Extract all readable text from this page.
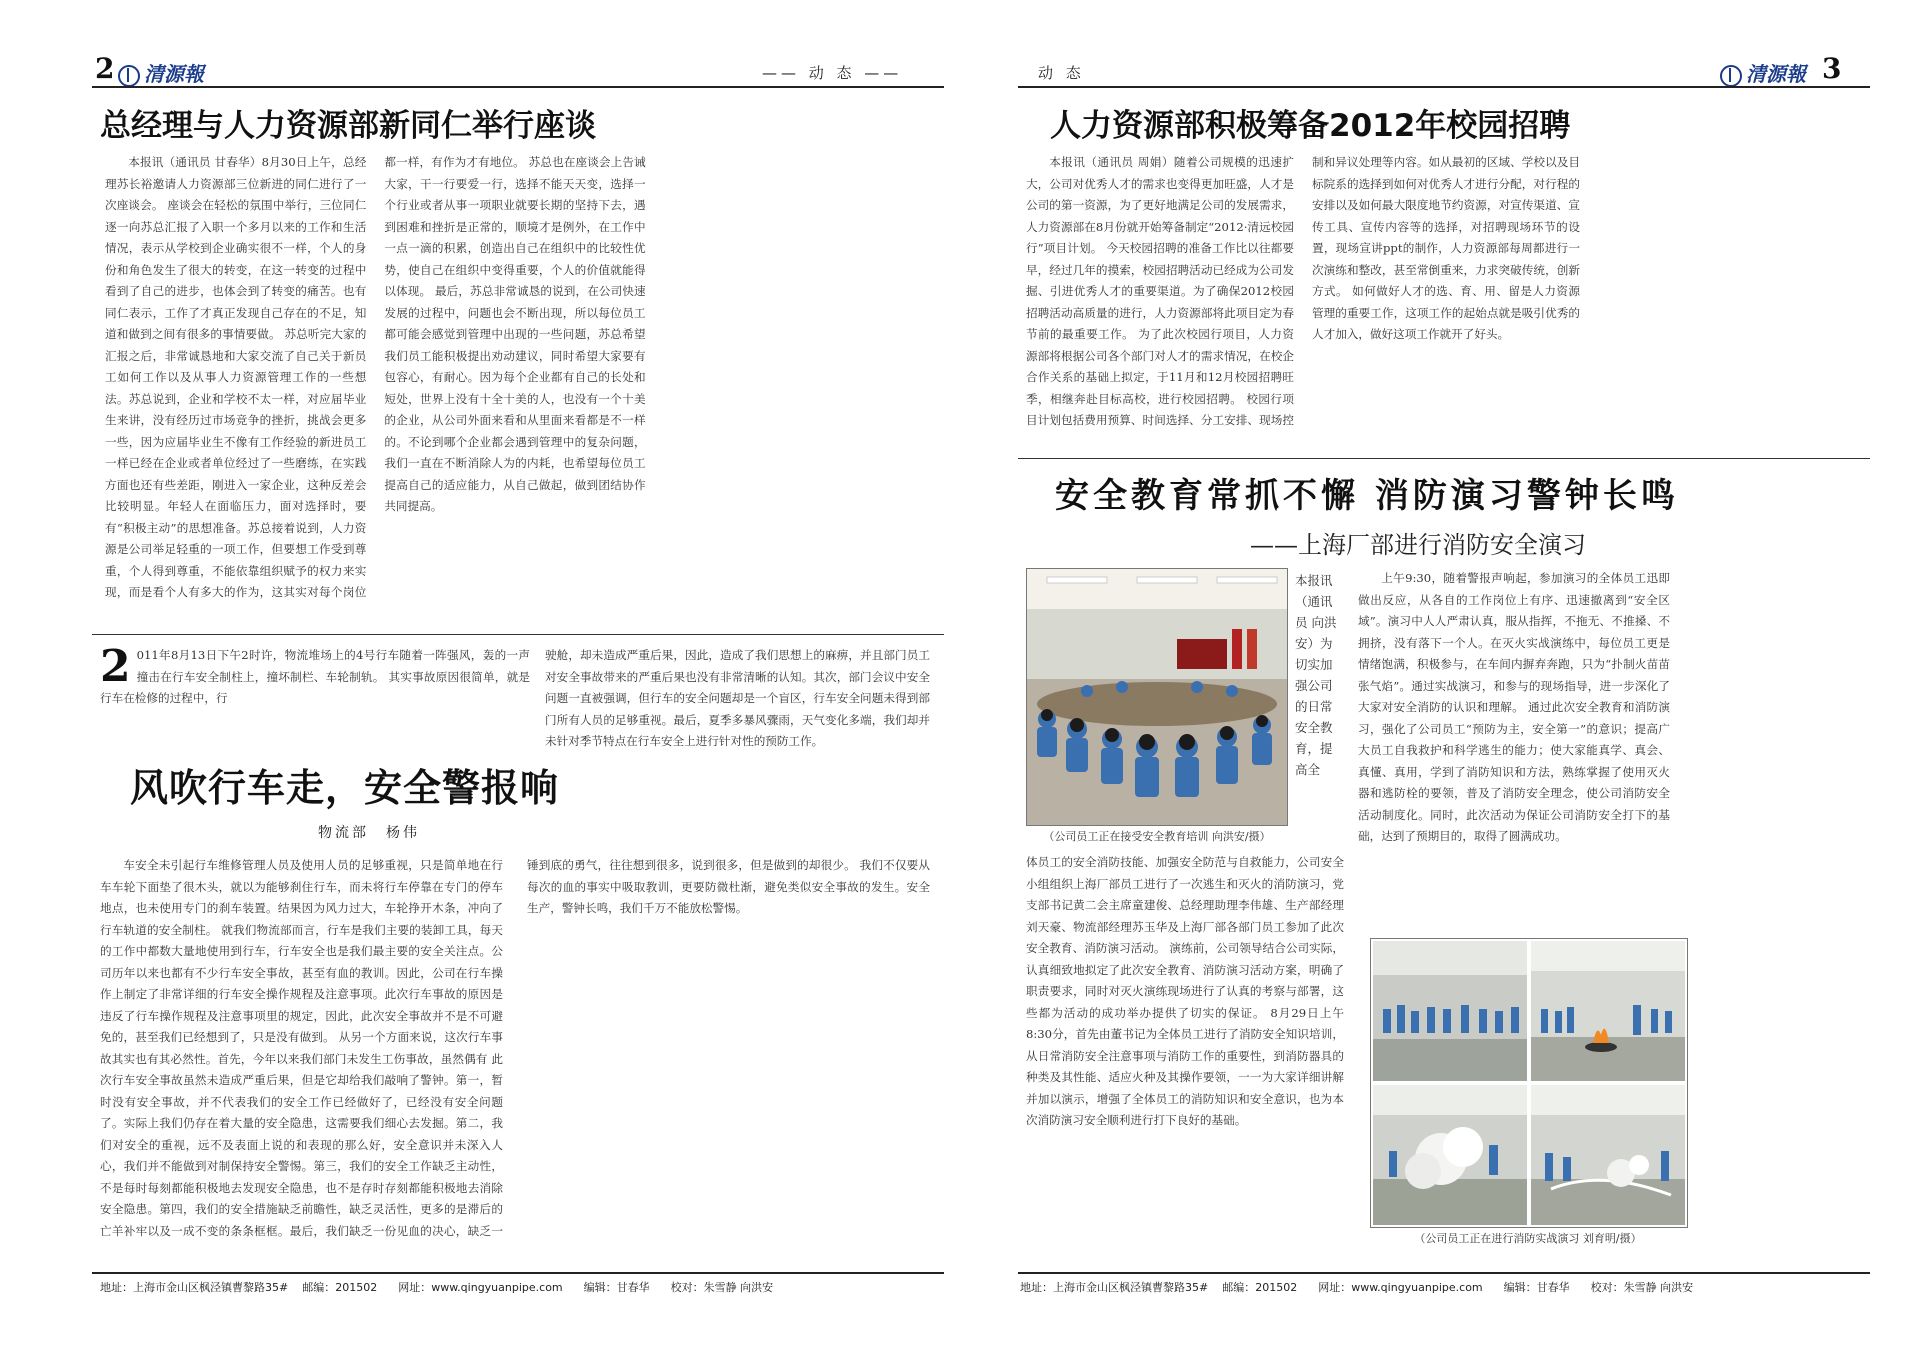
2	清源報	—— 动 态 ——
总经理与人力资源部新同仁举行座谈

本报讯（通讯员 甘春华）8月30日上午，总经理苏长裕邀请人力资源部三位新进的同仁进行了一次座谈会。 座谈会在轻松的氛围中举行，三位同仁逐一向苏总汇报了入职一个多月以来的工作和生活情况，表示从学校到企业确实很不一样，个人的身份和角色发生了很大的转变，在这一转变的过程中看到了自己的进步，也体会到了转变的痛苦。也有同仁表示，工作了才真正发现自己存在的不足，知道和做到之间有很多的事情要做。 苏总听完大家的汇报之后，非常诚恳地和大家交流了自己关于新员工如何工作以及从事人力资源管理工作的一些想法。苏总说到，企业和学校不太一样，对应届毕业生来讲，没有经历过市场竞争的挫折，挑战会更多一些，因为应届毕业生不像有工作经验的新进员工一样已经在企业或者单位经过了一些磨练，在实践方面也还有些差距，刚进入一家企业，这种反差会比较明显。年轻人在面临压力，面对选择时，要有“积极主动”的思想准备。苏总接着说到，人力资源是公司举足轻重的一项工作，但要想工作受到尊重，个人得到尊重，不能依靠组织赋予的权力来实现，而是看个人有多大的作为，这其实对每个岗位都一样，有作为才有地位。 苏总也在座谈会上告诫大家，干一行要爱一行，选择不能天天变，选择一个行业或者从事一项职业就要长期的坚持下去，遇到困难和挫折是正常的，顺境才是例外，在工作中一点一滴的积累，创造出自己在组织中的比较性优势，使自己在组织中变得重要，个人的价值就能得以体现。 最后，苏总非常诚恳的说到，在公司快速发展的过程中，问题也会不断出现，所以每位员工都可能会感觉到管理中出现的一些问题，苏总希望我们员工能积极提出劝动建议，同时希望大家要有包容心，有耐心。因为每个企业都有自己的长处和短处，世界上没有十全十美的人，也没有一个十美的企业，从公司外面来看和从里面来看都是不一样的。不论到哪个企业都会遇到管理中的复杂问题，我们一直在不断消除人为的内耗，也希望每位员工提高自己的适应能力，从自己做起，做到团结协作共同提高。

2 011年8月13日下午2时许，物流堆场上的4号行车随着一阵强风，轰的一声撞击在行车安全制柱上，撞坏制栏、车轮制轨。 其实事故原因很简单，就是行车在检修的过程中，行
驶舱，却未造成严重后果，因此，造成了我们思想上的麻痹，并且部门员工对安全事故带来的严重后果也没有非常清晰的认知。其次，部门会议中安全问题一直被强调，但行车的安全问题却是一个盲区，行车安全问题未得到部门所有人员的足够重视。最后，夏季多暴风骤雨，天气变化多端，我们却并未针对季节特点在行车安全上进行针对性的预防工作。
风吹行车走，安全警报响
物流部　杨伟

车安全未引起行车维修管理人员及使用人员的足够重视，只是简单地在行车车轮下面垫了很木头，就以为能够刹住行车，而未将行车停靠在专门的停车地点，也未使用专门的刹车装置。结果因为风力过大，车轮挣开木条，冲向了行车轨道的安全制柱。 就我们物流部而言，行车是我们主要的装卸工具，每天的工作中都数大量地使用到行车，行车安全也是我们最主要的安全关注点。公司历年以来也都有不少行车安全事故，甚至有血的教训。因此，公司在行车操作上制定了非常详细的行车安全操作规程及注意事项。此次行车事故的原因是违反了行车操作规程及注意事项里的规定，因此，此次安全事故并不是不可避免的，甚至我们已经想到了，只是没有做到。 从另一个方面来说，这次行车事故其实也有其必然性。首先，今年以来我们部门未发生工伤事故，虽然偶有 此次行车安全事故虽然未造成严重后果，但是它却给我们敲响了警钟。第一，暂时没有安全事故，并不代表我们的安全工作已经做好了，已经没有安全问题了。实际上我们仍存在着大量的安全隐患，这需要我们细心去发掘。第二，我们对安全的重视，远不及表面上说的和表现的那么好，安全意识并未深入人心，我们并不能做到对制保持安全警惕。第三，我们的安全工作缺乏主动性，不是每时每刻都能积极地去发现安全隐患，也不是存时存刻都能积极地去消除安全隐患。第四，我们的安全措施缺乏前瞻性，缺乏灵活性，更多的是滞后的亡羊补牢以及一成不变的条条框框。最后，我们缺乏一份见血的决心，缺乏一锤到底的勇气，往往想到很多，说到很多，但是做到的却很少。 我们不仅要从每次的血的事实中吸取教训，更要防微杜渐，避免类似安全事故的发生。安全生产，警钟长鸣，我们千万不能放松警惕。

地址：上海市金山区枫泾镇曹黎路35# 邮编：201502 网址：www.qingyuanpipe.com 编辑：甘春华 校对：朱雪静 向洪安
动 态	清源報 3
人力资源部积极筹备2012年校园招聘

本报讯（通讯员 周娟）随着公司规模的迅速扩大，公司对优秀人才的需求也变得更加旺盛，人才是公司的第一资源，为了更好地满足公司的发展需求，人力资源部在8月份就开始筹备制定“2012·清远校园行”项目计划。 今天校园招聘的准备工作比以往都要早，经过几年的摸索，校园招聘活动已经成为公司发掘、引进优秀人才的重要渠道。为了确保2012校园招聘活动高质量的进行，人力资源部将此项目定为春节前的最重要工作。 为了此次校园行项目，人力资源部将根据公司各个部门对人才的需求情况，在校企合作关系的基础上拟定，于11月和12月校园招聘旺季，相继奔赴目标高校，进行校园招聘。 校园行项目计划包括费用预算、时间选择、分工安排、现场控制和异议处理等内容。如从最初的区域、学校以及目标院系的选择到如何对优秀人才进行分配，对行程的安排以及如何最大限度地节约资源，对宣传渠道、宣传工具、宣传内容等的选择，对招聘现场环节的设置，现场宣讲ppt的制作，人力资源部每周都进行一次演练和整改，甚至常倒重来，力求突破传统，创新方式。 如何做好人才的选、育、用、留是人力资源管理的重要工作，这项工作的起始点就是吸引优秀的人才加入，做好这项工作就开了好头。

安全教育常抓不懈 消防演习警钟长鸣
——上海厂部进行消防安全演习
（公司员工正在接受安全教育培训 向洪安/摄）
本报讯（通讯员 向洪安）为切实加强公司的日常安全教育，提高全

体员工的安全消防技能、加强安全防范与自救能力，公司安全小组组织上海厂部员工进行了一次逃生和灭火的消防演习，党支部书记黄二会主席童建俊、总经理助理李伟雄、生产部经理刘天豪、物流部经理苏玉华及上海厂部各部门员工参加了此次安全教育、消防演习活动。 演练前，公司领导结合公司实际，认真细致地拟定了此次安全教育、消防演习活动方案，明确了职责要求，同时对灭火演练现场进行了认真的考察与部署，这些都为活动的成功举办提供了切实的保证。 8月29日上午8:30分，首先由董书记为全体员工进行了消防安全知识培训，从日常消防安全注意事项与消防工作的重要性，到消防器具的种类及其性能、适应火种及其操作要领，一一为大家详细讲解并加以演示，增强了全体员工的消防知识和安全意识，也为本次消防演习安全顺利进行打下良好的基础。

上午9:30，随着警报声响起，参加演习的全体员工迅即做出反应，从各自的工作岗位上有序、迅速撤离到“安全区域”。演习中人人严肃认真，服从指挥，不拖无、不推搡、不拥挤，没有落下一个人。在灭火实战演练中，每位员工更是情绪饱满，积极参与，在车间内摒弃奔跑，只为“扑制火苗苗张气焰”。通过实战演习，和参与的现场指导，进一步深化了大家对安全消防的认识和理解。 通过此次安全教育和消防演习，强化了公司员工“预防为主，安全第一”的意识；提高广大员工自我救护和科学逃生的能力；使大家能真学、真会、真懂、真用，学到了消防知识和方法，熟练掌握了使用灭火器和逃防栓的要领，普及了消防安全理念，使公司消防安全活动制度化。同时，此次活动为保证公司消防安全打下的基础，达到了预期目的，取得了圆满成功。

（公司员工正在进行消防实战演习 刘育明/摄）
地址：上海市金山区枫泾镇曹黎路35# 邮编：201502 网址：www.qingyuanpipe.com 编辑：甘春华 校对：朱雪静 向洪安
